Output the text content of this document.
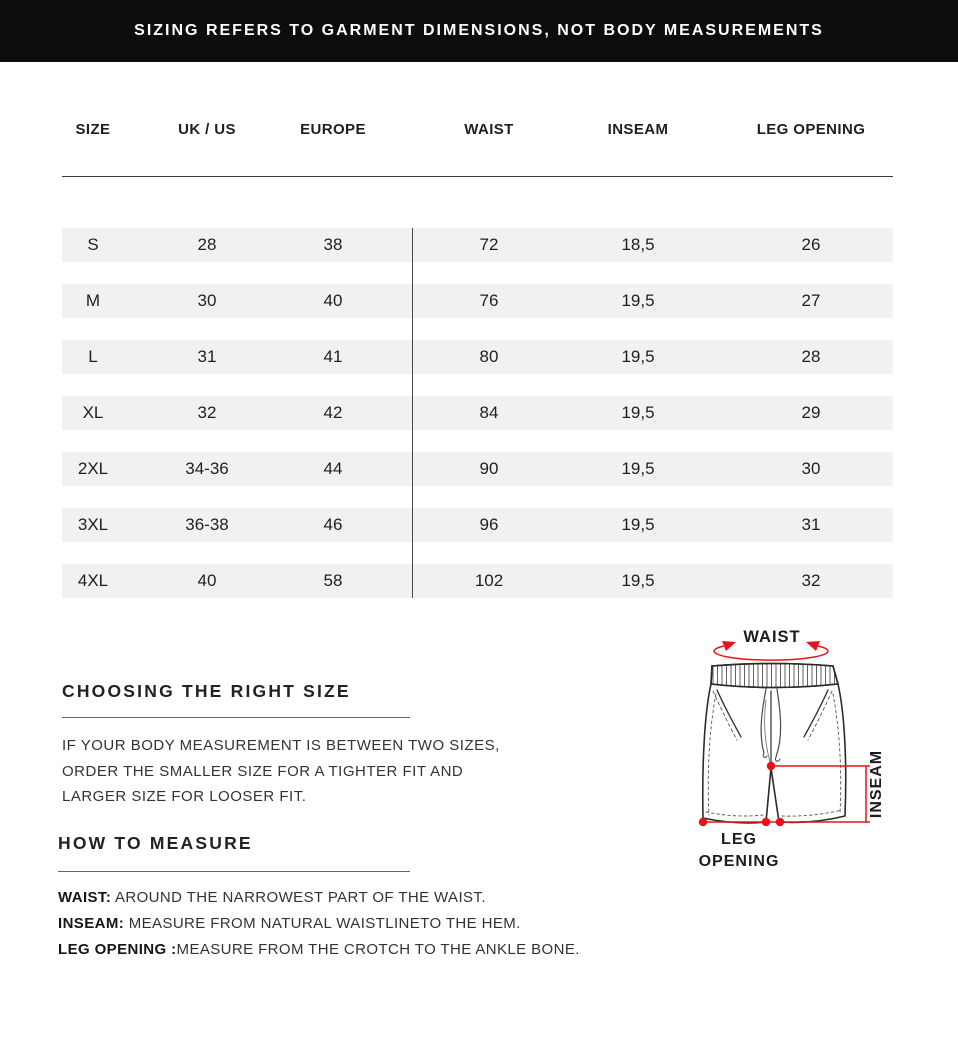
SIZING REFERS TO GARMENT DIMENSIONS, NOT BODY MEASUREMENTS
SIZE	UK / US	EUROPE	WAIST	INSEAM	LEG OPENING
S	28	38	72	18,5	26
M	30	40	76	19,5	27
L	31	41	80	19,5	28
XL	32	42	84	19,5	29
2XL	34-36	44	90	19,5	30
3XL	36-38	46	96	19,5	31
4XL	40	58	102	19,5	32
CHOOSING THE RIGHT SIZE
IF YOUR BODY MEASUREMENT IS BETWEEN TWO SIZES,
ORDER THE SMALLER SIZE FOR A TIGHTER FIT AND
LARGER SIZE FOR LOOSER FIT.
HOW TO MEASURE
WAIST: AROUND THE NARROWEST PART OF THE WAIST.
INSEAM: MEASURE FROM NATURAL WAISTLINETO THE HEM.
LEG OPENING :MEASURE FROM THE CROTCH TO THE ANKLE BONE.
WAIST
INSEAM
LEG
OPENING
